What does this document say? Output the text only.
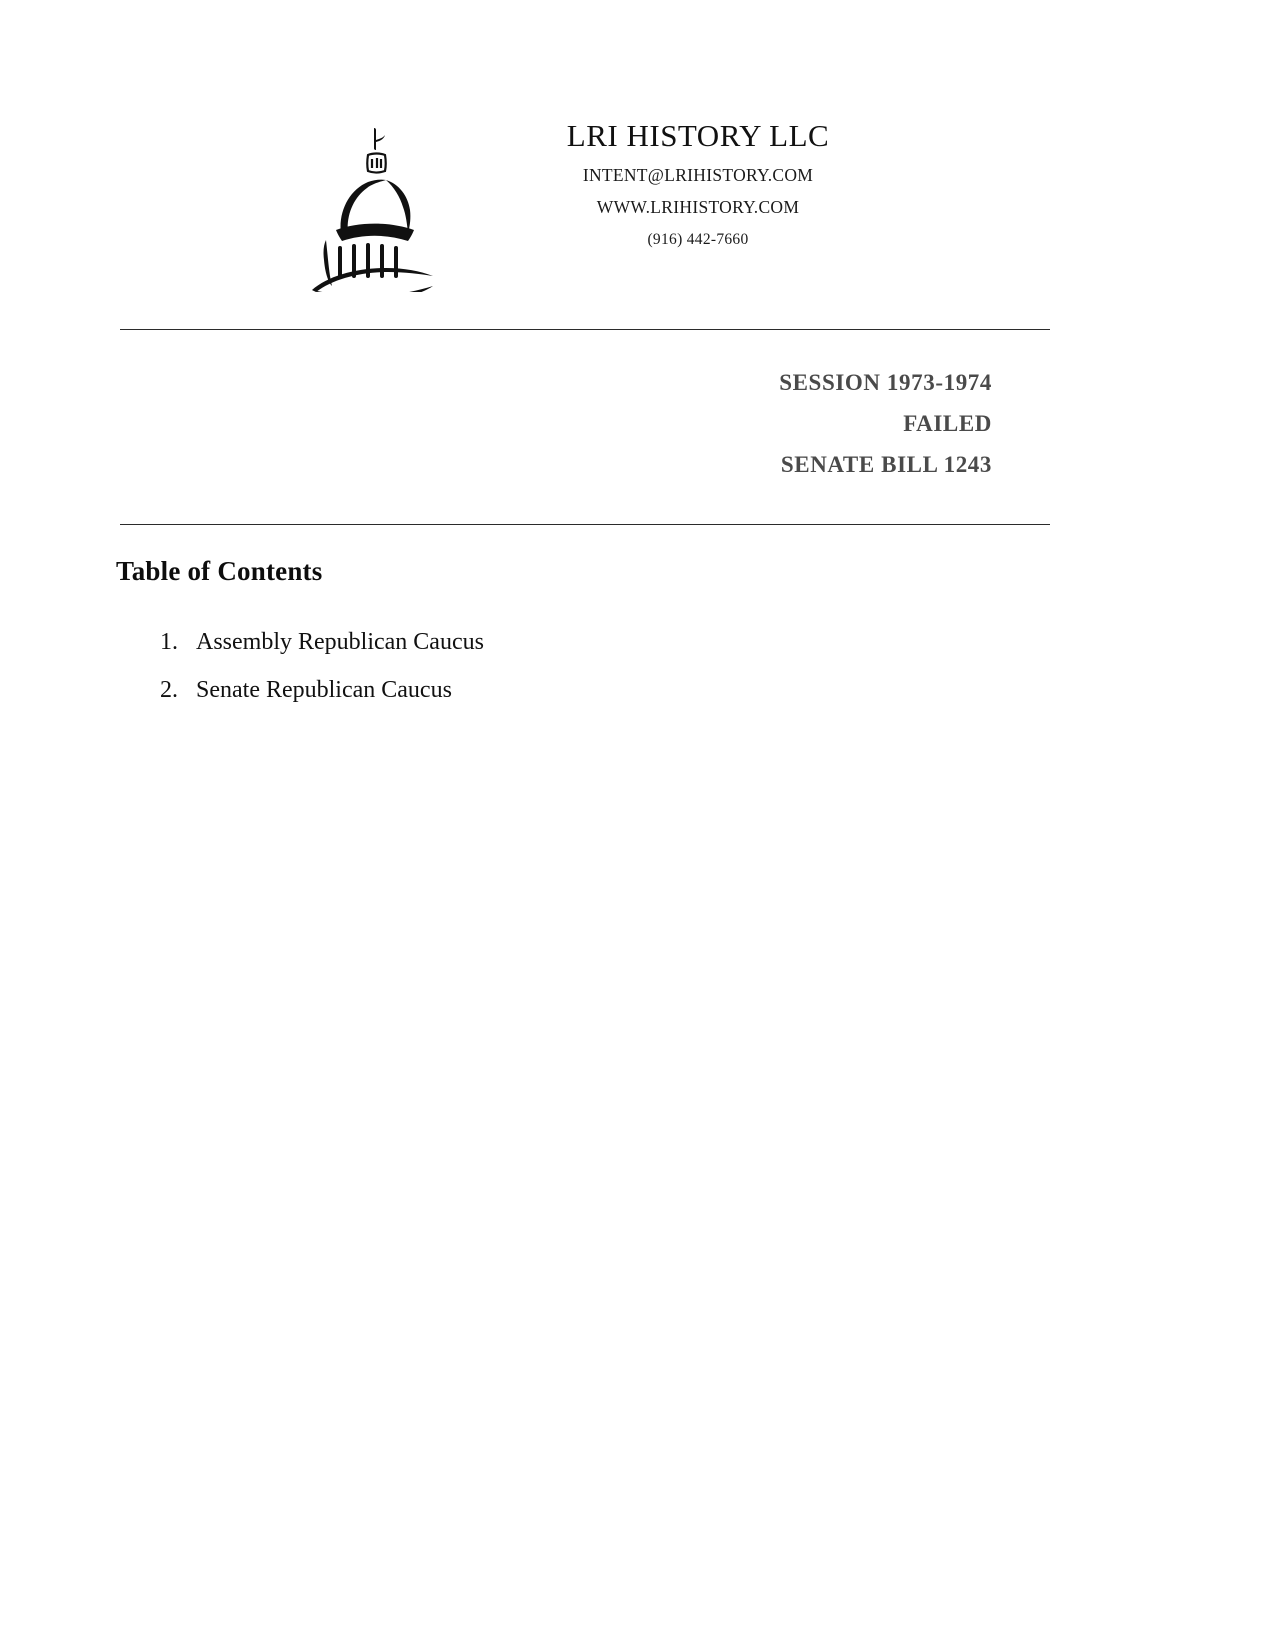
LRI HISTORY LLC
INTENT@LRIHISTORY.COM
WWW.LRIHISTORY.COM
(916) 442-7660
SESSION 1973-1974
FAILED
SENATE BILL 1243
Table of Contents
1. Assembly Republican Caucus
2. Senate Republican Caucus
